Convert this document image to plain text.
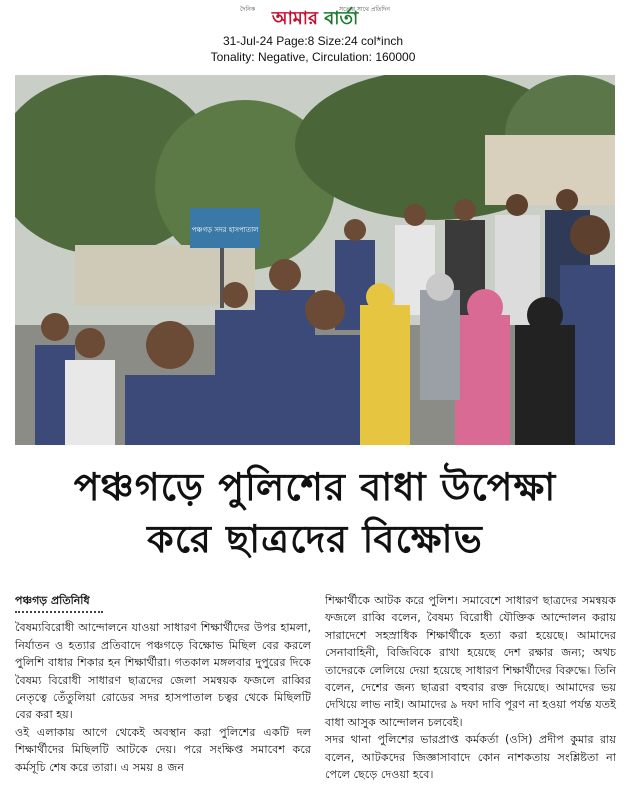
দৈনিক	সত্যের সাথে প্রতিদিন
আমার বার্তা
31-Jul-24 Page:8 Size:24 col*inch
Tonality: Negative, Circulation: 160000
পঞ্চগড় সদর হাসপাতাল
পঞ্চগড়ে পুলিশের বাধা উপেক্ষা
করে ছাত্রদের বিক্ষোভ
পঞ্চগড় প্রতিনিধি

বৈষম্যবিরোধী আন্দোলনে যাওয়া সাধারণ শিক্ষার্থীদের উপর হামলা, নির্যাতন ও হত্যার প্রতিবাদে পঞ্চগড়ে বিক্ষোভ মিছিল বের করলে পুলিশি বাধার শিকার হন শিক্ষার্থীরা। গতকাল মঙ্গলবার দুপুরের দিকে বৈষম্য বিরোধী সাধারণ ছাত্রদের জেলা সমন্বয়ক ফজলে রাব্বির নেতৃত্বে তেঁতুলিয়া রোডের সদর হাসপাতাল চত্বর থেকে মিছিলটি বের করা হয়।

ওই এলাকায় আগে থেকেই অবস্থান করা পুলিশের একটি দল শিক্ষার্থীদের মিছিলটি আটকে দেয়। পরে সংক্ষিপ্ত সমাবেশ করে কর্মসূচি শেষ করে তারা। এ সময় ৪ জন

শিক্ষার্থীকে আটক করে পুলিশ। সমাবেশে সাধারণ ছাত্রদের সমন্বয়ক ফজলে রাব্বি বলেন, বৈষম্য বিরোধী যৌক্তিক আন্দোলন করায় সারাদেশে সহস্রাধিক শিক্ষার্থীকে হত্যা করা হয়েছে। আমাদের সেনাবাহিনী, বিজিবিকে রাখা হয়েছে দেশ রক্ষার জন্য; অথচ তাদেরকে লেলিয়ে দেয়া হয়েছে সাধারণ শিক্ষার্থীদের বিরুদ্ধে। তিনি বলেন, দেশের জন্য ছাত্ররা বহুবার রক্ত দিয়েছে। আমাদের ভয় দেখিয়ে লাভ নাই। আমাদের ৯ দফা দাবি পূরণ না হওয়া পর্যন্ত যতই বাধা আসুক আন্দোলন চলবেই।

সদর থানা পুলিশের ভারপ্রাপ্ত কর্মকর্তা (ওসি) প্রদীপ কুমার রায় বলেন, আটকদের জিজ্ঞাসাবাদে কোন নাশকতায় সংশ্লিষ্টতা না পেলে ছেড়ে দেওয়া হবে।
